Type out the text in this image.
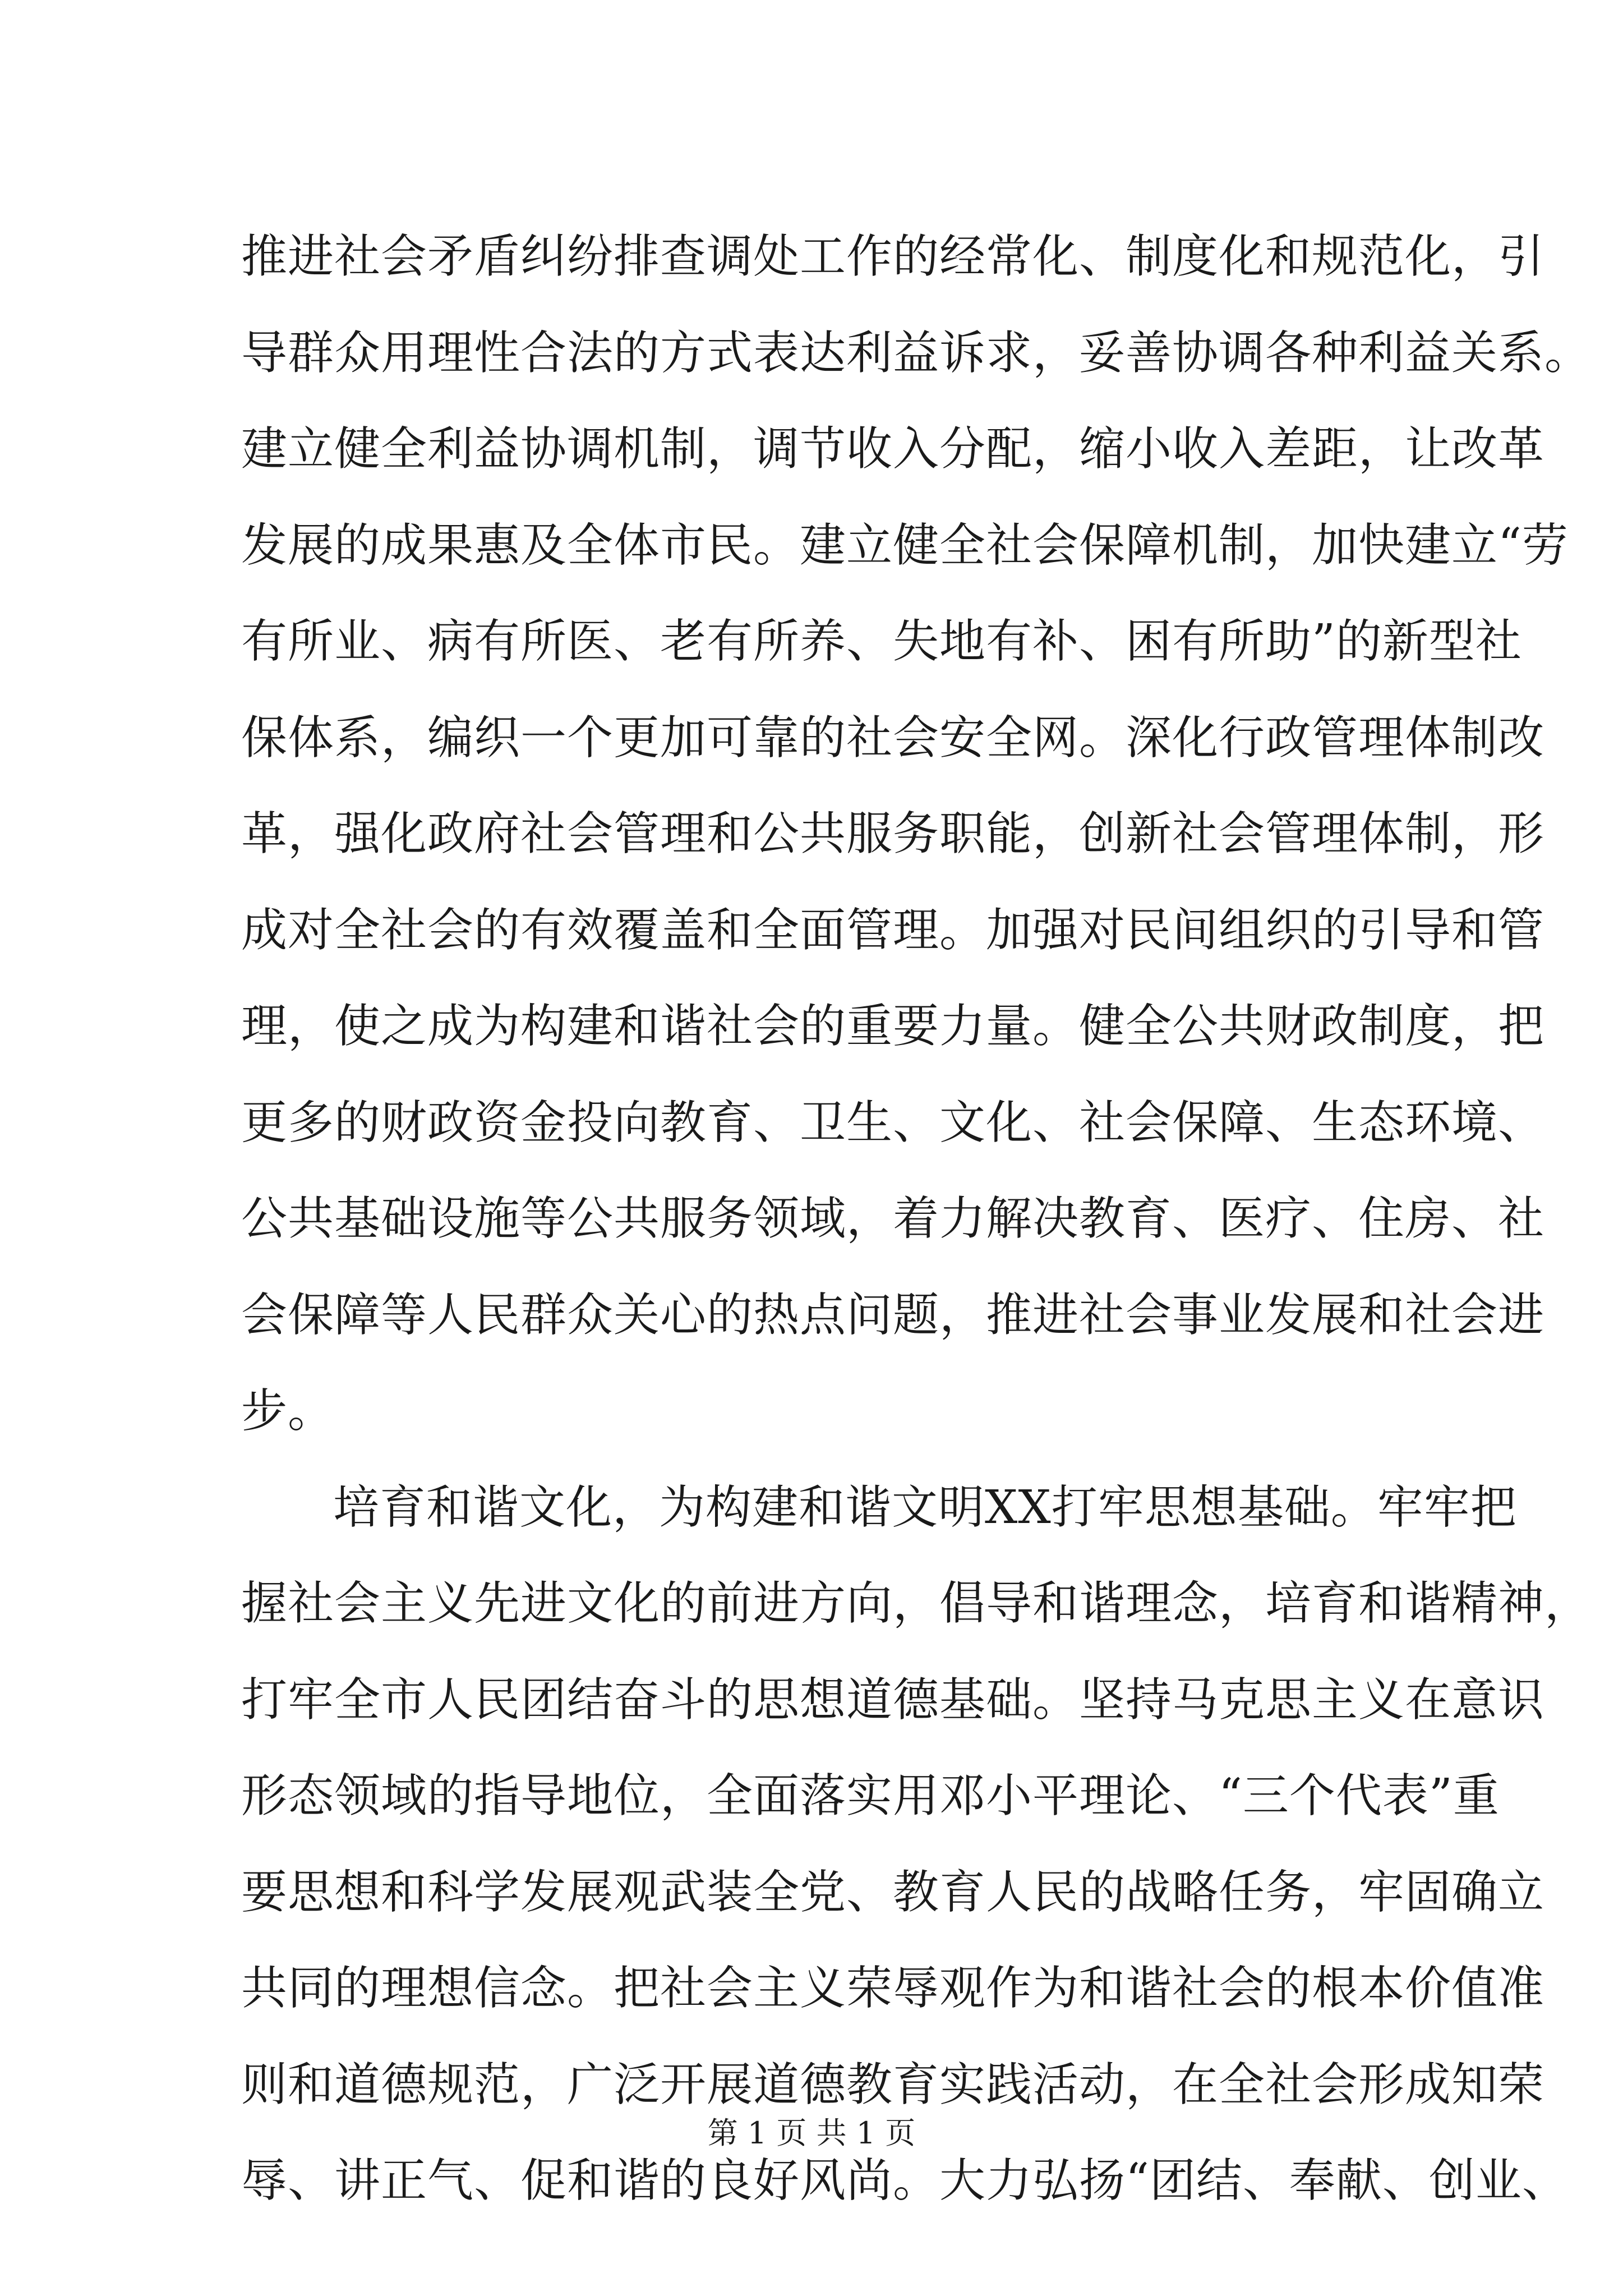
推进社会矛盾纠纷排查调处工作的经常化、制度化和规范化，引
导群众用理性合法的方式表达利益诉求，妥善协调各种利益关系。
建立健全利益协调机制，调节收入分配，缩小收入差距，让改革
发展的成果惠及全体市民。建立健全社会保障机制，加快建立“劳
有所业、病有所医、老有所养、失地有补、困有所助”的新型社
保体系，编织一个更加可靠的社会安全网。深化行政管理体制改
革，强化政府社会管理和公共服务职能，创新社会管理体制，形
成对全社会的有效覆盖和全面管理。加强对民间组织的引导和管
理，使之成为构建和谐社会的重要力量。健全公共财政制度，把
更多的财政资金投向教育、卫生、文化、社会保障、生态环境、
公共基础设施等公共服务领域，着力解决教育、医疗、住房、社
会保障等人民群众关心的热点问题，推进社会事业发展和社会进
步。
培育和谐文化，为构建和谐文明XX打牢思想基础。牢牢把
握社会主义先进文化的前进方向，倡导和谐理念，培育和谐精神，
打牢全市人民团结奋斗的思想道德基础。坚持马克思主义在意识
形态领域的指导地位，全面落实用邓小平理论、“三个代表”重
要思想和科学发展观武装全党、教育人民的战略任务，牢固确立
共同的理想信念。把社会主义荣辱观作为和谐社会的根本价值准
则和道德规范，广泛开展道德教育实践活动，在全社会形成知荣
辱、讲正气、促和谐的良好风尚。大力弘扬“团结、奉献、创业、
第 1 页 共 1 页
